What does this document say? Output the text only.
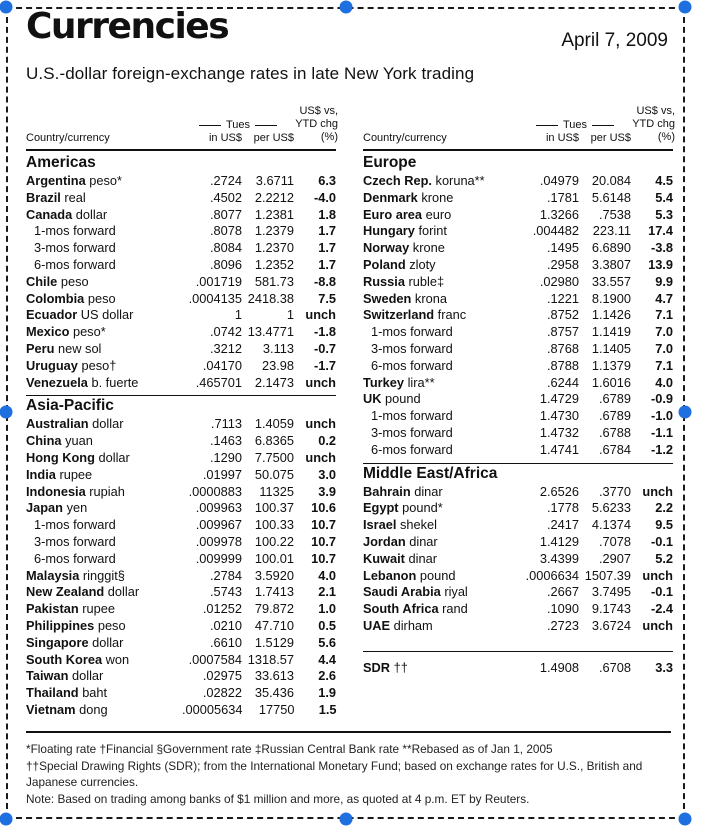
Currencies	April 7, 2009
U.S.-dollar foreign-exchange rates in late New York trading
Country/currency
Tues
in US$	per US$
US$ vs,
YTD chg
(%)
Americas
Argentina peso*	.2724	3.6711	6.3
Brazil real	.4502	2.2212	-4.0
Canada dollar	.8077	1.2381	1.8
1-mos forward	.8078	1.2379	1.7
3-mos forward	.8084	1.2370	1.7
6-mos forward	.8096	1.2352	1.7
Chile peso	.001719	581.73	-8.8
Colombia peso	.0004135 2418.38	7.5
Ecuador US dollar	1	1 unch
Mexico peso*	.0742 13.4771	-1.8
Peru new sol	.3212	3.113	-0.7
Uruguay peso†	.04170	23.98	-1.7
Venezuela b. fuerte	.465701	2.1473 unch
Asia-Pacific
Australian dollar	.7113	1.4059 unch
China yuan	.1463	6.8365	0.2
Hong Kong dollar	.1290	7.7500 unch
India rupee	.01997	50.075	3.0
Indonesia rupiah	.0000883	11325	3.9
Japan yen	.009963	100.37	10.6
1-mos forward	.009967	100.33	10.7
3-mos forward	.009978	100.22	10.7
6-mos forward	.009999	100.01	10.7
Malaysia ringgit§	.2784	3.5920	4.0
New Zealand dollar	.5743	1.7413	2.1
Pakistan rupee	.01252	79.872	1.0
Philippines peso	.0210	47.710	0.5
Singapore dollar	.6610	1.5129	5.6
South Korea won	.0007584 1318.57	4.4
Taiwan dollar	.02975	33.613	2.6
Thailand baht	.02822	35.436	1.9
Vietnam dong	.00005634	17750	1.5
Country/currency
Tues
in US$	per US$
US$ vs,
YTD chg
(%)
Europe
Czech Rep. koruna**	.04979	20.084	4.5
Denmark krone	.1781	5.6148	5.4
Euro area euro	1.3266	.7538	5.3
Hungary forint	.004482	223.11	17.4
Norway krone	.1495	6.6890	-3.8
Poland zloty	.2958	3.3807	13.9
Russia ruble‡	.02980	33.557	9.9
Sweden krona	.1221	8.1900	4.7
Switzerland franc	.8752	1.1426	7.1
1-mos forward	.8757	1.1419	7.0
3-mos forward	.8768	1.1405	7.0
6-mos forward	.8788	1.1379	7.1
Turkey lira**	.6244	1.6016	4.0
UK pound	1.4729	.6789	-0.9
1-mos forward	1.4730	.6789	-1.0
3-mos forward	1.4732	.6788	-1.1
6-mos forward	1.4741	.6784	-1.2
Middle East/Africa
Bahrain dinar	2.6526	.3770 unch
Egypt pound*	.1778	5.6233	2.2
Israel shekel	.2417	4.1374	9.5
Jordan dinar	1.4129	.7078	-0.1
Kuwait dinar	3.4399	.2907	5.2
Lebanon pound	.0006634 1507.39 unch
Saudi Arabia riyal	.2667	3.7495	-0.1
South Africa rand	.1090	9.1743	-2.4
UAE dirham	.2723	3.6724 unch
SDR ††	1.4908	.6708	3.3

*Floating rate †Financial §Government rate ‡Russian Central Bank rate **Rebased as of Jan 1, 2005

††Special Drawing Rights (SDR); from the International Monetary Fund; based on exchange rates for U.S., British and Japanese currencies.

Note: Based on trading among banks of $1 million and more, as quoted at 4 p.m. ET by Reuters.
